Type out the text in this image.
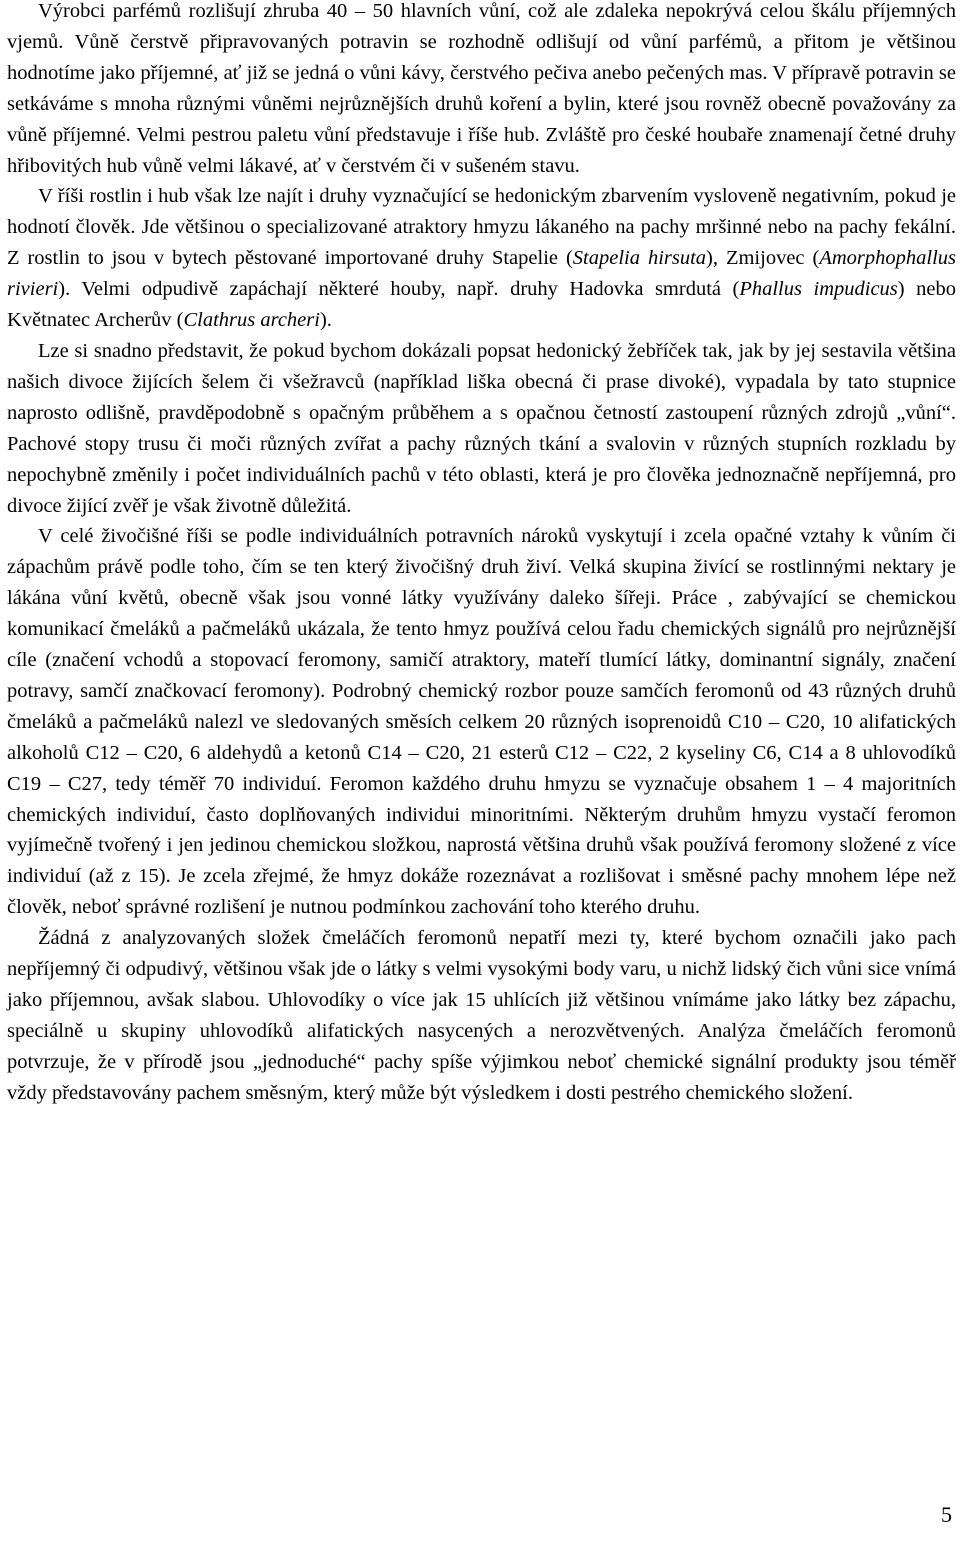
Výrobci parfémů rozlišují zhruba 40 – 50 hlavních vůní, což ale zdaleka nepokrývá celou škálu příjemných vjemů. Vůně čerstvě připravovaných potravin se rozhodně odlišují od vůní parfémů, a přitom je většinou hodnotíme jako příjemné, ať již se jedná o vůni kávy, čerstvého pečiva anebo pečených mas. V přípravě potravin se setkáváme s mnoha různými vůněmi nejrůznějších druhů koření a bylin, které jsou rovněž obecně považovány za vůně příjemné. Velmi pestrou paletu vůní představuje i říše hub. Zvláště pro české houbaře znamenají četné druhy hřibovitých hub vůně velmi lákavé, ať v čerstvém či v sušeném stavu.

V říši rostlin i hub však lze najít i druhy vyznačující se hedonickým zbarvením vysloveně negativním, pokud je hodnotí člověk. Jde většinou o specializované atraktory hmyzu lákaného na pachy mršinné nebo na pachy fekální. Z rostlin to jsou v bytech pěstované importované druhy Stapelie (Stapelia hirsuta), Zmijovec (Amorphophallus rivieri). Velmi odpudivě zapáchají některé houby, např. druhy Hadovka smrdutá (Phallus impudicus) nebo Květnatec Archerův (Clathrus archeri).

Lze si snadno představit, že pokud bychom dokázali popsat hedonický žebříček tak, jak by jej sestavila většina našich divoce žijících šelem či všežravců (například liška obecná či prase divoké), vypadala by tato stupnice naprosto odlišně, pravděpodobně s opačným průběhem a s opačnou četností zastoupení různých zdrojů „vůní“. Pachové stopy trusu či moči různých zvířat a pachy různých tkání a svalovin v různých stupních rozkladu by nepochybně změnily i počet individuálních pachů v této oblasti, která je pro člověka jednoznačně nepříjemná, pro divoce žijící zvěř je však životně důležitá.

V celé živočišné říši se podle individuálních potravních nároků vyskytují i zcela opačné vztahy k vůním či zápachům právě podle toho, čím se ten který živočišný druh živí. Velká skupina živící se rostlinnými nektary je lákána vůní květů, obecně však jsou vonné látky využívány daleko šířeji. Práce , zabývající se chemickou komunikací čmeláků a pačmeláků ukázala, že tento hmyz používá celou řadu chemických signálů pro nejrůznější cíle (značení vchodů a stopovací feromony, samičí atraktory, mateří tlumící látky, dominantní signály, značení potravy, samčí značkovací feromony). Podrobný chemický rozbor pouze samčích feromonů od 43 různých druhů čmeláků a pačmeláků nalezl ve sledovaných směsích celkem 20 různých isoprenoidů C10 – C20, 10 alifatických alkoholů C12 – C20, 6 aldehydů a ketonů C14 – C20, 21 esterů C12 – C22, 2 kyseliny C6, C14 a 8 uhlovodíků C19 – C27, tedy téměř 70 individuí. Feromon každého druhu hmyzu se vyznačuje obsahem 1 – 4 majoritních chemických individuí, často doplňovaných individui minoritními. Některým druhům hmyzu vystačí feromon vyjímečně tvořený i jen jedinou chemickou složkou, naprostá většina druhů však používá feromony složené z více individuí (až z 15). Je zcela zřejmé, že hmyz dokáže rozeznávat a rozlišovat i směsné pachy mnohem lépe než člověk, neboť správné rozlišení je nutnou podmínkou zachování toho kterého druhu.

Žádná z analyzovaných složek čmeláčích feromonů nepatří mezi ty, které bychom označili jako pach nepříjemný či odpudivý, většinou však jde o látky s velmi vysokými body varu, u nichž lidský čich vůni sice vnímá jako příjemnou, avšak slabou. Uhlovodíky o více jak 15 uhlících již většinou vnímáme jako látky bez zápachu, speciálně u skupiny uhlovodíků alifatických nasycených a nerozvětvených. Analýza čmeláčích feromonů potvrzuje, že v přírodě jsou „jednoduché“ pachy spíše výjimkou neboť chemické signální produkty jsou téměř vždy představovány pachem směsným, který může být výsledkem i dosti pestrého chemického složení.

5
